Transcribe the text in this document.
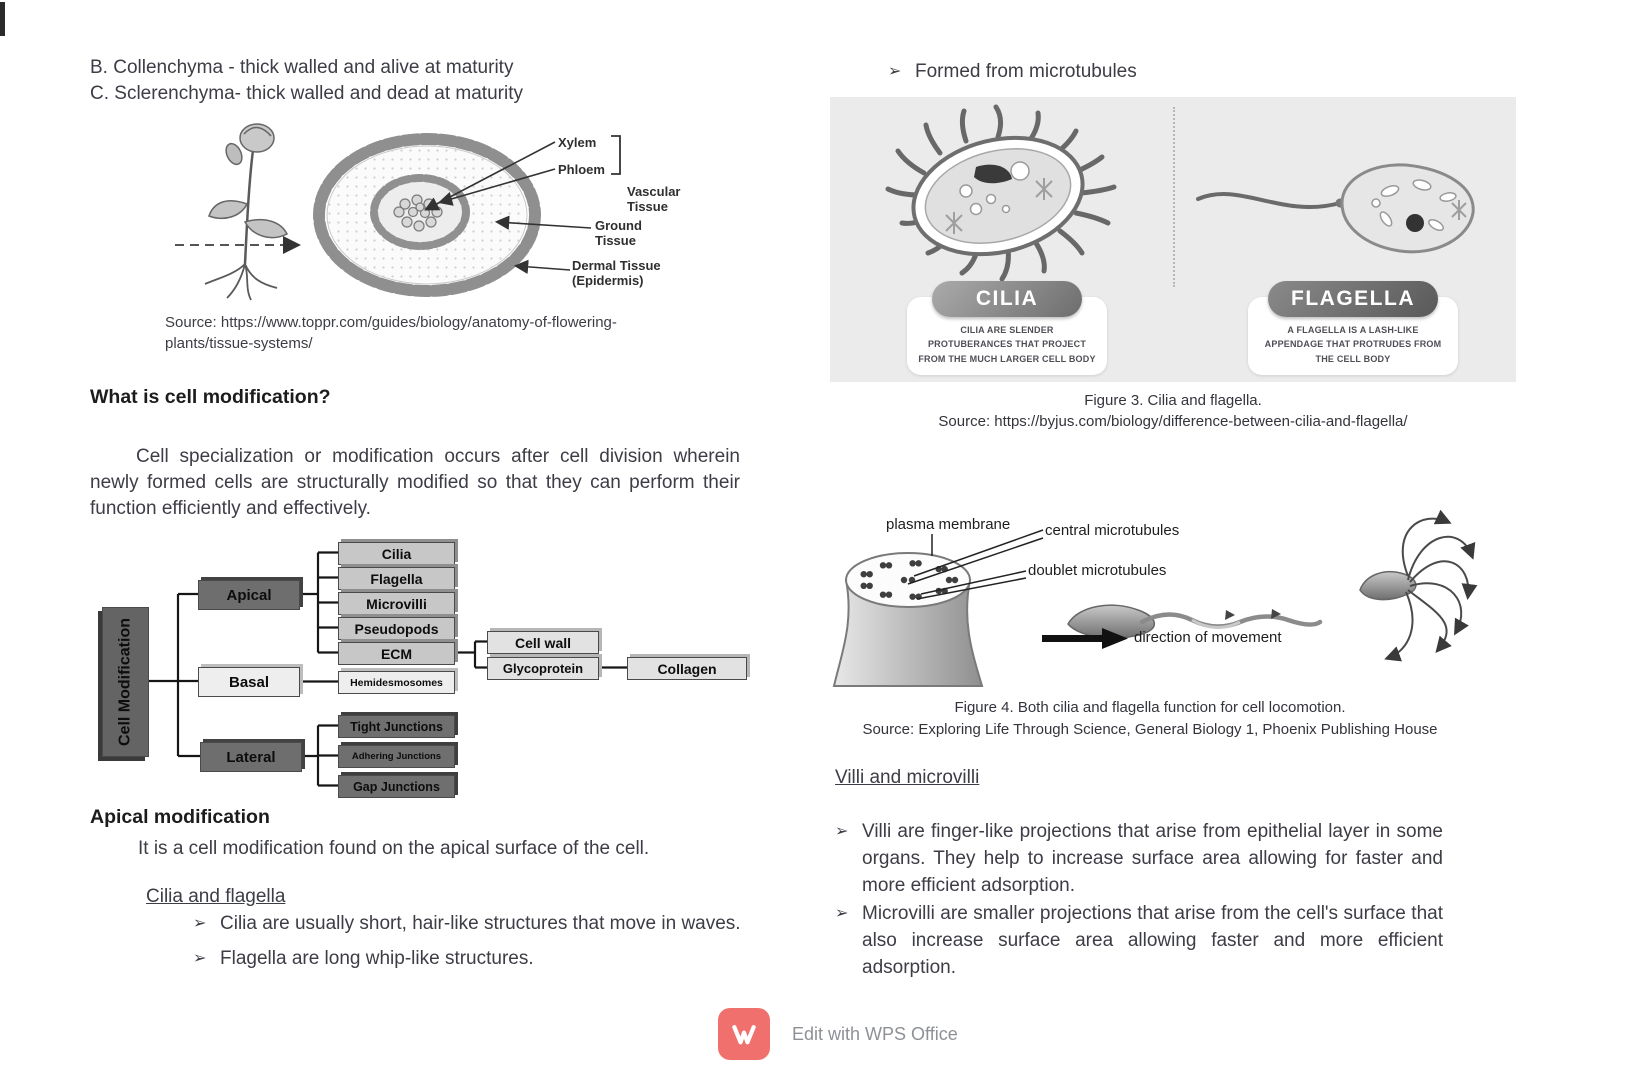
B. Collenchyma - thick walled and alive at maturity
C. Sclerenchyma- thick walled and dead at maturity
Xylem
Phloem
Vascular Tissue
Ground Tissue
Dermal Tissue (Epidermis)
Source: https://www.toppr.com/guides/biology/anatomy-of-flowering-
plants/tissue-systems/
What is cell modification?
Cell specialization or modification occurs after cell division wherein newly formed cells are structurally modified so that they can perform their function efficiently and effectively.
Cell Modification
Apical
Basal
Lateral
Cilia
Flagella
Microvilli
Pseudopods
ECM
Hemidesmosomes
Tight Junctions
Adhering Junctions
Gap Junctions
Cell wall
Glycoprotein	Collagen
Apical modification
It is a cell modification found on the apical surface of the cell.
Cilia and flagella
➢ Cilia are usually short, hair-like structures that move in waves.
➢ Flagella are long whip-like structures.
➢ Formed from microtubules
CILIA ARE SLENDER PROTUBERANCES THAT PROJECT FROM THE MUCH LARGER CELL BODY
CILIA
A FLAGELLA IS A LASH-LIKE APPENDAGE THAT PROTRUDES FROM THE CELL BODY
FLAGELLA
Figure 3. Cilia and flagella.
Source: https://byjus.com/biology/difference-between-cilia-and-flagella/
plasma membrane central microtubules
doublet microtubules
direction of movement
Figure 4. Both cilia and flagella function for cell locomotion.
Source: Exploring Life Through Science, General Biology 1, Phoenix Publishing House
Villi and microvilli
➢ Villi are finger-like projections that arise from epithelial layer in some organs. They help to increase surface area allowing for faster and more efficient adsorption.
➢ Microvilli are smaller projections that arise from the cell's surface that also increase surface area allowing faster and more efficient adsorption.
Edit with WPS Office
